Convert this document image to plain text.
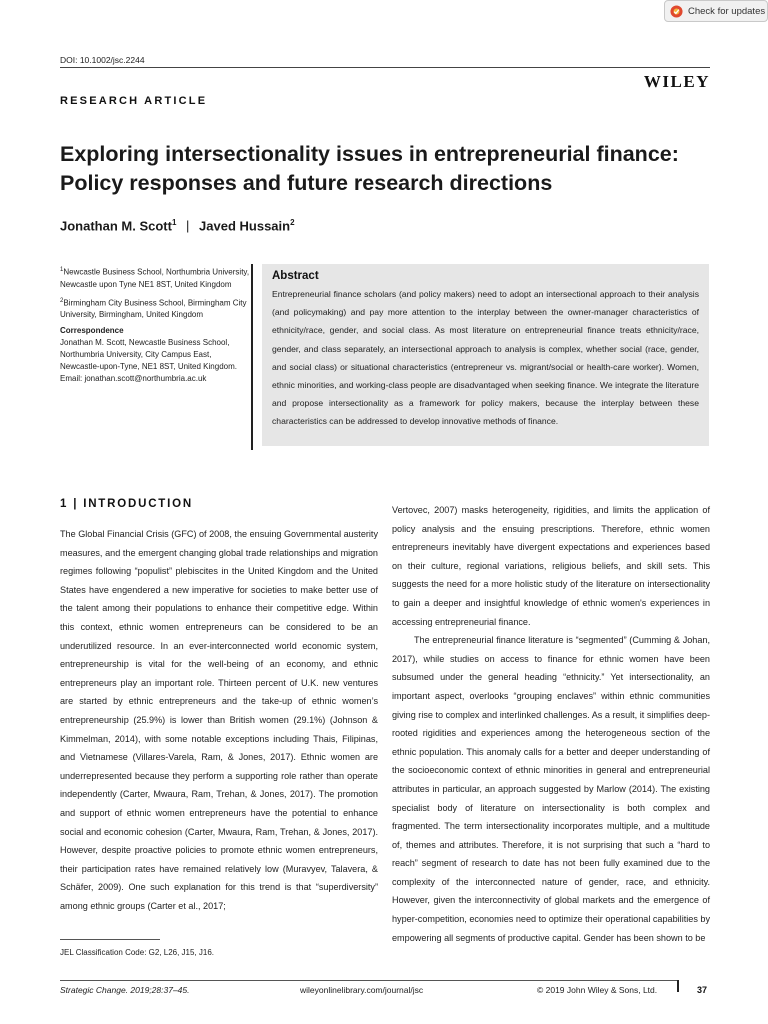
Check for updates
DOI: 10.1002/jsc.2244
WILEY
RESEARCH ARTICLE
Exploring intersectionality issues in entrepreneurial finance: Policy responses and future research directions
Jonathan M. Scott$^1$ | Javed Hussain$^2$

$^1$Newcastle Business School, Northumbria University, Newcastle upon Tyne NE1 8ST, United Kingdom

$^2$Birmingham City Business School, Birmingham City University, Birmingham, United Kingdom

Correspondence

Jonathan M. Scott, Newcastle Business School, Northumbria University, City Campus East, Newcastle-upon-Tyne, NE1 8ST, United Kingdom.

Email: jonathan.scott@northumbria.ac.uk

Abstract

Entrepreneurial finance scholars (and policy makers) need to adopt an intersectional approach to their analysis (and policymaking) and pay more attention to the interplay between the owner-manager characteristics of ethnicity/race, gender, and social class. As most literature on entrepreneurial finance treats ethnicity/race, gender, and class separately, an intersectional approach to analysis is complex, whether social (race, gender, and social class) or situational characteristics (entrepreneur vs. migrant/social or health-care worker). Women, ethnic minorities, and working-class people are disadvantaged when seeking finance. We integrate the literature and propose intersectionality as a framework for policy makers, because the interplay between these characteristics can be addressed to develop innovative methods of finance.

1 | INTRODUCTION

The Global Financial Crisis (GFC) of 2008, the ensuing Governmental austerity measures, and the emergent changing global trade relationships and migration regimes following “populist” plebiscites in the United Kingdom and the United States have engendered a new imperative for societies to make better use of the talent among their populations to enhance their competitive edge. Within this context, ethnic women entrepreneurs can be considered to be an underutilized resource. In an ever-interconnected world economic system, entrepreneurship is vital for the well-being of an economy, and ethnic entrepreneurs play an important role. Thirteen percent of U.K. new ventures are started by ethnic entrepreneurs and the take-up of ethnic women’s entrepreneurship (25.9%) is lower than British women (29.1%) (Johnson & Kimmelman, 2014), with some notable exceptions including Thais, Filipinas, and Vietnamese (Villares-Varela, Ram, & Jones, 2017). Ethnic women are underrepresented because they perform a supporting role rather than operate independently (Carter, Mwaura, Ram, Trehan, & Jones, 2017). The promotion and support of ethnic women entrepreneurs have the potential to enhance social and economic cohesion (Carter, Mwaura, Ram, Trehan, & Jones, 2017). However, despite proactive policies to promote ethnic women entrepreneurs, their participation rates have remained relatively low (Muravyev, Talavera, & Schäfer, 2009). One such explanation for this trend is that “superdiversity” among ethnic groups (Carter et al., 2017;

Vertovec, 2007) masks heterogeneity, rigidities, and limits the application of policy analysis and the ensuing prescriptions. Therefore, ethnic women entrepreneurs inevitably have divergent expectations and experiences based on their culture, regional variations, religious beliefs, and skill sets. This suggests the need for a more holistic study of the literature on intersectionality to gain a deeper and insightful knowledge of ethnic women's experiences in accessing entrepreneurial finance.

The entrepreneurial finance literature is “segmented” (Cumming & Johan, 2017), while studies on access to finance for ethnic women have been subsumed under the general heading “ethnicity.” Yet intersectionality, an important aspect, overlooks “grouping enclaves” within ethnic communities giving rise to complex and interlinked challenges. As a result, it simplifies deep-rooted rigidities and experiences among the heterogeneous section of the ethnic population. This anomaly calls for a better and deeper understanding of the socioeconomic context of ethnic minorities in general and entrepreneurial attributes in particular, an approach suggested by Marlow (2014). The existing specialist body of literature on intersectionality is both complex and fragmented. The term intersectionality incorporates multiple, and a multitude of, themes and attributes. Therefore, it is not surprising that such a “hard to reach” segment of research to date has not been fully examined due to the complexity of the interconnected nature of gender, race, and ethnicity. However, given the interconnectivity of global markets and the emergence of hyper-competition, economies need to optimize their operational capabilities by empowering all segments of productive capital. Gender has been shown to be

JEL Classification Code: G2, L26, J15, J16.
Strategic Change. 2019;28:37–45.	wileyonlinelibrary.com/journal/jsc	© 2019 John Wiley & Sons, Ltd.	37
